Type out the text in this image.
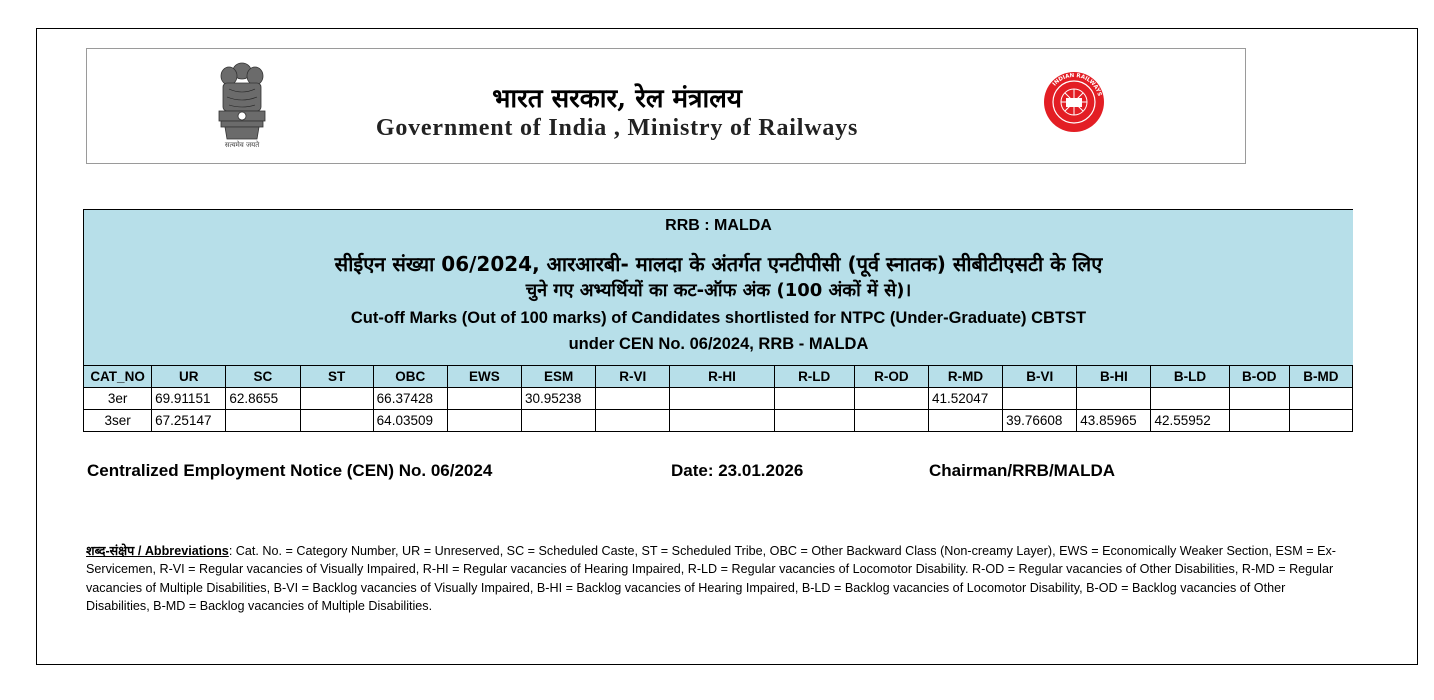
सत्यमेव जयते
भारत सरकार, रेल मंत्रालय
Government of India , Ministry of Railways
INDIAN RAILWAYS
RRB : MALDA
सीईएन संख्या 06/2024, आरआरबी- मालदा के अंतर्गत एनटीपीसी (पूर्व स्नातक) सीबीटीएसटी के लिए
चुने गए अभ्यर्थियों का कट-ऑफ अंक (100 अंकों में से)।
Cut-off Marks (Out of 100 marks) of Candidates shortlisted for NTPC (Under-Graduate) CBTST
under CEN No. 06/2024, RRB - MALDA
CAT_NO	UR	SC	ST	OBC	EWS	ESM	R-VI	R-HI	R-LD	R-OD	R-MD	B-VI	B-HI	B-LD	B-OD	B-MD
3er	69.91151	62.8655		66.37428		30.95238					41.52047					
3ser	67.25147			64.03509								39.76608	43.85965	42.55952		
Centralized Employment Notice (CEN) No. 06/2024	Date: 23.01.2026	Chairman/RRB/MALDA
शब्द-संक्षेप / Abbreviations: Cat. No. = Category Number, UR = Unreserved, SC = Scheduled Caste, ST = Scheduled Tribe, OBC = Other Backward Class (Non-creamy Layer), EWS = Economically Weaker Section, ESM = Ex-Servicemen, R-VI = Regular vacancies of Visually Impaired, R-HI = Regular vacancies of Hearing Impaired, R-LD = Regular vacancies of Locomotor Disability. R-OD = Regular vacancies of Other Disabilities, R-MD = Regular vacancies of Multiple Disabilities, B-VI = Backlog vacancies of Visually Impaired, B-HI = Backlog vacancies of Hearing Impaired, B-LD = Backlog vacancies of Locomotor Disability, B-OD = Backlog vacancies of Other Disabilities, B-MD = Backlog vacancies of Multiple Disabilities.
